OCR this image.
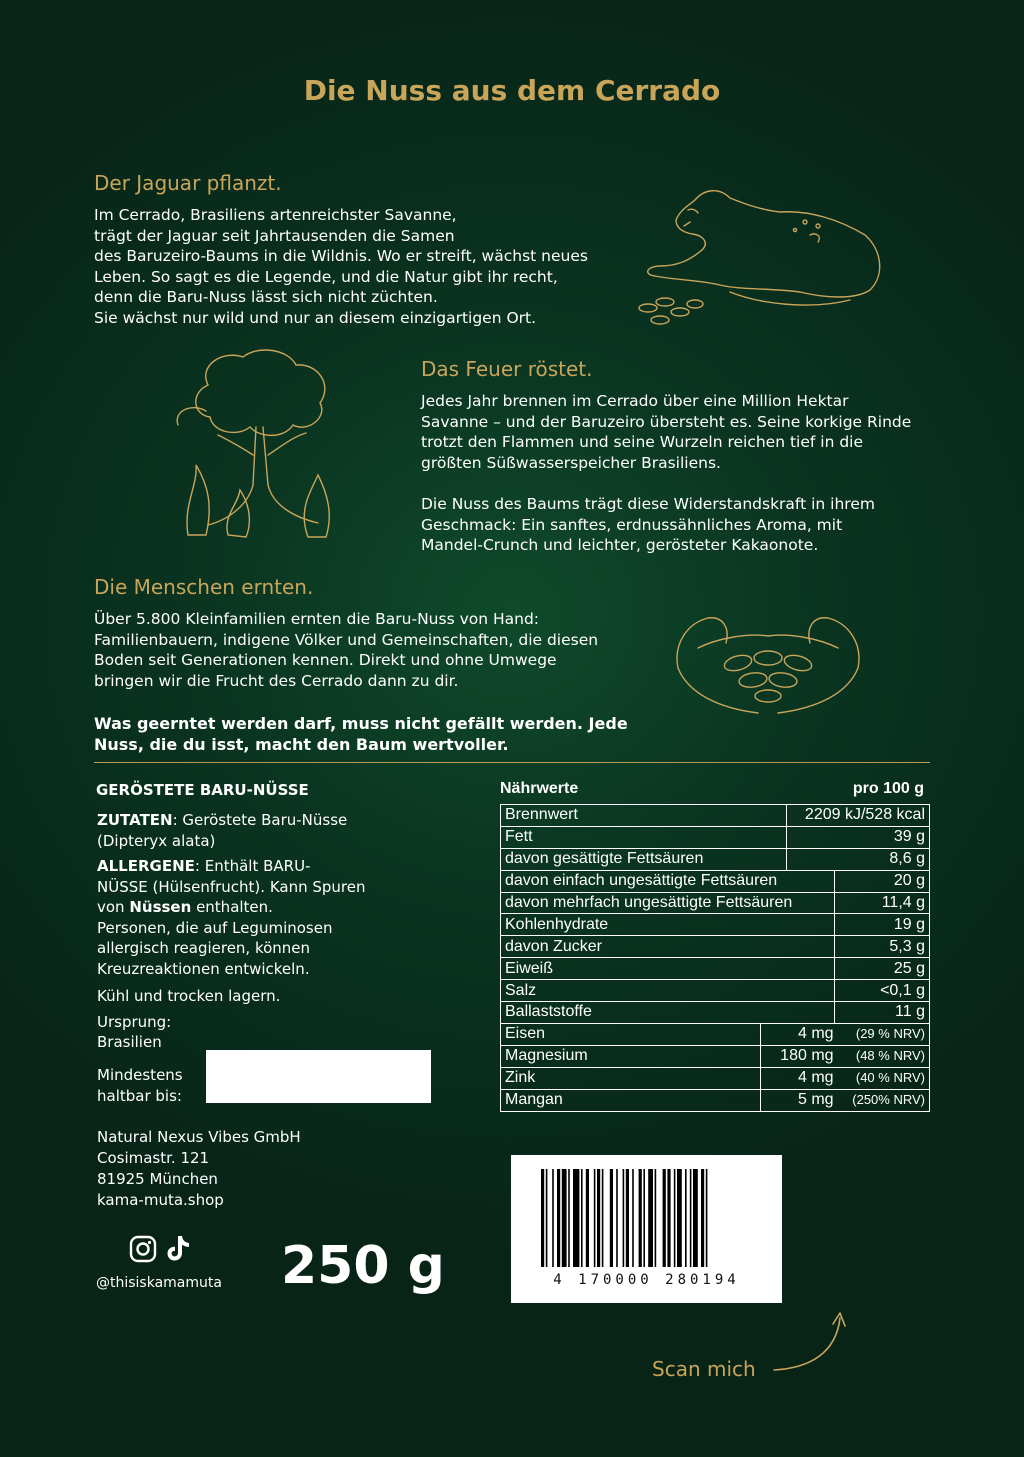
Die Nuss aus dem Cerrado
Der Jaguar pflanzt.
Im Cerrado, Brasiliens artenreichster Savanne,
trägt der Jaguar seit Jahrtausenden die Samen
des Baruzeiro-Baums in die Wildnis. Wo er streift, wächst neues
Leben. So sagt es die Legende, und die Natur gibt ihr recht,
denn die Baru-Nuss lässt sich nicht züchten.
Sie wächst nur wild und nur an diesem einzigartigen Ort.
Das Feuer röstet.
Jedes Jahr brennen im Cerrado über eine Million Hektar
Savanne – und der Baruzeiro übersteht es. Seine korkige Rinde
trotzt den Flammen und seine Wurzeln reichen tief in die
größten Süßwasserspeicher Brasiliens.
Die Nuss des Baums trägt diese Widerstandskraft in ihrem
Geschmack: Ein sanftes, erdnussähnliches Aroma, mit
Mandel-Crunch und leichter, gerösteter Kakaonote.
Die Menschen ernten.
Über 5.800 Kleinfamilien ernten die Baru-Nuss von Hand:
Familienbauern, indigene Völker und Gemeinschaften, die diesen
Boden seit Generationen kennen. Direkt und ohne Umwege
bringen wir die Frucht des Cerrado dann zu dir.
Was geerntet werden darf, muss nicht gefällt werden. Jede
Nuss, die du isst, macht den Baum wertvoller.
GERÖSTETE BARU-NÜSSE
ZUTATEN: Geröstete Baru-Nüsse
(Dipteryx alata)
ALLERGENE: Enthält BARU-
NÜSSE (Hülsenfrucht). Kann Spuren
von Nüssen enthalten.
Personen, die auf Leguminosen
allergisch reagieren, können
Kreuzreaktionen entwickeln.
Kühl und trocken lagern.
Ursprung:
Brasilien
Mindestens
haltbar bis:
Natural Nexus Vibes GmbH
Cosimastr. 121
81925 München
kama-muta.shop
@thisiskamamuta 250 g
Nährwerte	pro 100 g
Brennwert	2209 kJ/528 kcal	
Fett	39 g	
davon gesättigte Fettsäuren	8,6 g	
davon einfach ungesättigte Fettsäuren		20 g
davon mehrfach ungesättigte Fettsäuren		11,4 g
Kohlenhydrate		19 g
davon Zucker		5,3 g
Eiweiß		25 g
Salz		<0,1 g
Ballaststoffe		11 g
Eisen	4 mg	(29 % NRV)
Magnesium	180 mg	(48 % NRV)
Zink	4 mg	(40 % NRV)
Mangan	5 mg	(250% NRV)
4 170000 280194
Scan mich
